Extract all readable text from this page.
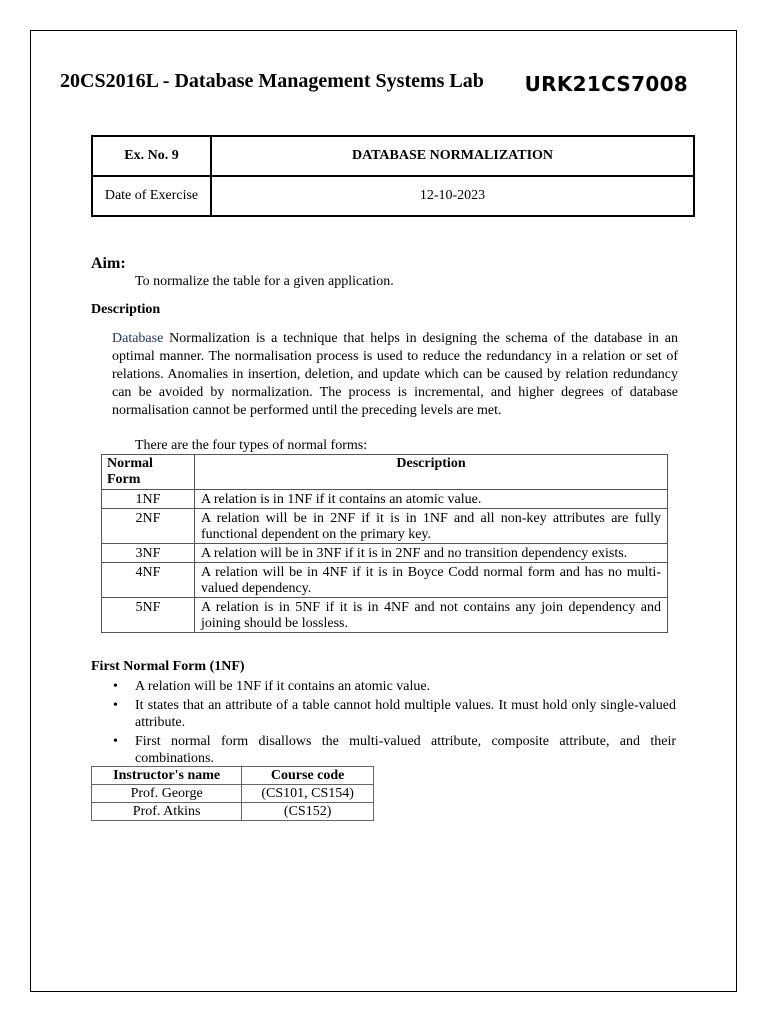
20CS2016L - Database Management Systems Lab URK21CS7008
Ex. No. 9	DATABASE NORMALIZATION
Date of Exercise	12-10-2023
Aim:
To normalize the table for a given application.
Description

Database Normalization is a technique that helps in designing the schema of the database in an optimal manner. The normalisation process is used to reduce the redundancy in a relation or set of relations. Anomalies in insertion, deletion, and update which can be caused by relation redundancy can be avoided by normalization. The process is incremental, and higher degrees of database normalisation cannot be performed until the preceding levels are met.

There are the four types of normal forms:
Normal Form	Description
1NF	A relation is in 1NF if it contains an atomic value.
2NF	A relation will be in 2NF if it is in 1NF and all non-key attributes are fully functional dependent on the primary key.
3NF	A relation will be in 3NF if it is in 2NF and no transition dependency exists.
4NF	A relation will be in 4NF if it is in Boyce Codd normal form and has no multi-valued dependency.
5NF	A relation is in 5NF if it is in 4NF and not contains any join dependency and joining should be lossless.
First Normal Form (1NF)
• A relation will be 1NF if it contains an atomic value.
• It states that an attribute of a table cannot hold multiple values. It must hold only single-valued attribute.
• First normal form disallows the multi-valued attribute, composite attribute, and their combinations.
Instructor's name	Course code
Prof. George	(CS101, CS154)
Prof. Atkins	(CS152)
